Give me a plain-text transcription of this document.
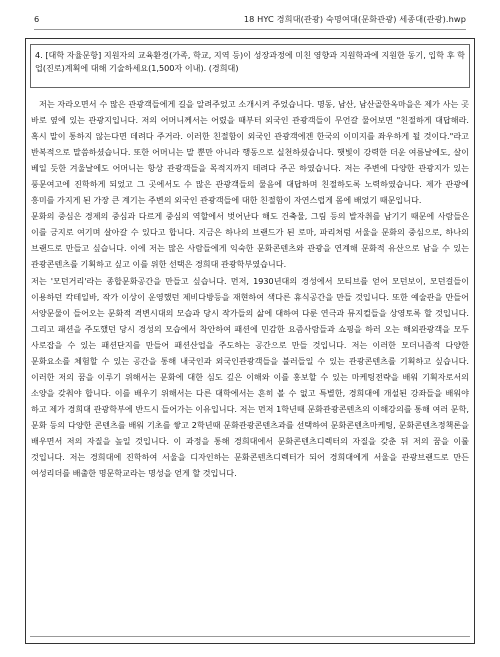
6	18 HYC 경희대(관광) 숙명여대(문화관광) 세종대(관광).hwp
4. [대학 자율문항] 지원자의 교육환경(가족, 학교, 지역 등)이 성장과정에 미친 영향과 지원학과에 지원한 동기, 입학 후 학업(진로)계획에 대해 기술하세요(1,500자 이내). (경희대)

저는 자라오면서 수 많은 관광객들에게 길을 알려주었고 소개시켜 주었습니다. 명동, 남산, 남산골한옥마을은 제가 사는 곳 바로 옆에 있는 관광지입니다. 저의 어머니께서는 어렸을 때부터 외국인 관광객들이 무언갈 물어보면 "친절하게 대답해라. 혹시 말이 통하지 않는다면 데려다 주거라. 이러한 친절함이 외국인 관광객에겐 한국의 이미지를 좌우하게 될 것이다."라고 반복적으로 말씀하셨습니다. 또한 어머니는 말 뿐만 아니라 행동으로 실천하셨습니다. 햇빛이 강력한 더운 여름날에도, 살이 베일 듯한 겨울날에도 어머니는 항상 관광객들을 목적지까지 데려다 주곤 하였습니다. 저는 주변에 다양한 관광지가 있는 풍문여고에 진학하게 되었고 그 곳에서도 수 많은 관광객들의 물음에 대답하며 친절하도록 노력하였습니다. 제가 관광에 흥미를 가지게 된 가장 큰 계기는 주변의 외국인 관광객들에 대한 친절함이 자연스럽게 몸에 배었기 때문입니다.

문화의 중심은 경제의 중심과 다르게 중심의 역할에서 벗어난다 해도 건축물, 그림 등의 발자취를 남기기 때문에 사람들은 이를 긍지로 여기며 살아갈 수 있다고 합니다. 지금은 하나의 브랜드가 된 로마, 파리처럼 서울을 문화의 중심으로, 하나의 브랜드로 만들고 싶습니다. 이에 저는 많은 사람들에게 익숙한 문화콘텐츠와 관광을 연계해 문화적 유산으로 남을 수 있는 관광콘텐츠를 기획하고 싶고 이를 위한 선택은 경희대 관광학부였습니다.

저는 '모던거리'라는 종합문화공간을 만들고 싶습니다. 먼저, 1930년대의 경성에서 모티브를 얻어 모던보이, 모던걸들이 이용하던 칵테일바, 작가 이상이 운영했던 제비다방등을 재현하여 색다른 휴식공간을 만들 것입니다. 또한 예술관을 만들어 서양문물이 들어오는 문화적 격변시대의 모습과 당시 작가들의 삶에 대하여 다룬 연극과 뮤지컬들을 상영토록 할 것입니다. 그리고 패션을 주도했던 당시 경성의 모습에서 착안하여 패션에 민감한 요즘사람들과 쇼핑을 하러 오는 해외관광객을 모두 사로잡을 수 있는 패션단지를 만들어 패션산업을 주도하는 공간으로 만들 것입니다. 저는 이러한 모더니즘적 다양한 문화요소를 체험할 수 있는 공간을 통해 내국인과 외국인관광객들을 불러들일 수 있는 관광콘텐츠를 기획하고 싶습니다. 이러한 저의 꿈을 이루기 위해서는 문화에 대한 심도 깊은 이해와 이를 홍보할 수 있는 마케팅전략을 배워 기획자로서의 소양을 갖춰야 합니다. 이를 배우기 위해서는 다른 대학에서는 흔히 볼 수 없고 특별한, 경희대에 개설된 강좌들을 배워야 하고 제가 경희대 관광학부에 반드시 들어가는 이유입니다. 저는 먼저 1학년때 문화관광콘텐츠의 이해강의를 통해 여러 문학, 문화 등의 다양한 콘텐츠를 배워 기초를 쌓고 2학년때 문화관광콘텐츠과를 선택하여 문화콘텐츠마케팅, 문화콘텐츠정책론을 배우면서 저의 자질을 높일 것입니다. 이 과정을 통해 경희대에서 문화콘텐츠디렉터의 자질을 갖춘 뒤 저의 꿈을 이룰 것입니다. 저는 경희대에 진학하여 서울을 디자인하는 문화콘텐츠디렉터가 되어 경희대에게 서울을 관광브랜드로 만든 여성리더를 배출한 명문학교라는 명성을 얻게 할 것입니다.
